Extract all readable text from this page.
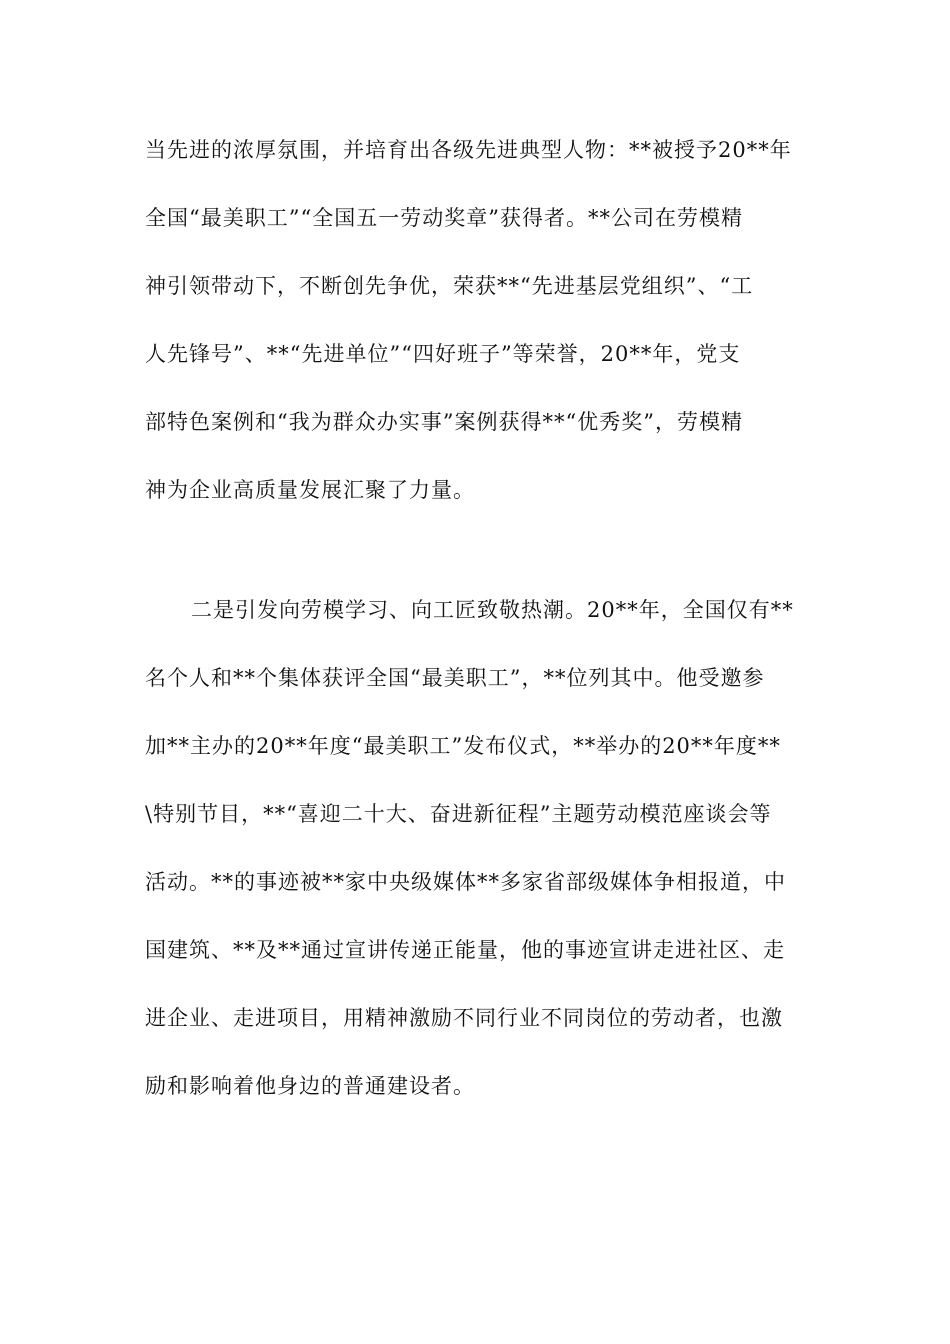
当先进的浓厚氛围，并培育出各级先进典型人物：**被授予20**年
全国“最美职工”“全国五一劳动奖章”获得者。**公司在劳模精
神引领带动下，不断创先争优，荣获**“先进基层党组织”、“工
人先锋号”、**“先进单位”“四好班子”等荣誉，20**年，党支
部特色案例和“我为群众办实事”案例获得**“优秀奖”，劳模精
神为企业高质量发展汇聚了力量。
二是引发向劳模学习、向工匠致敬热潮。20**年，全国仅有**
名个人和**个集体获评全国“最美职工”，**位列其中。他受邀参
加**主办的20**年度“最美职工”发布仪式，**举办的20**年度**
\特别节目，**“喜迎二十大、奋进新征程”主题劳动模范座谈会等
活动。**的事迹被**家中央级媒体**多家省部级媒体争相报道，中
国建筑、**及**通过宣讲传递正能量，他的事迹宣讲走进社区、走
进企业、走进项目，用精神激励不同行业不同岗位的劳动者，也激
励和影响着他身边的普通建设者。
